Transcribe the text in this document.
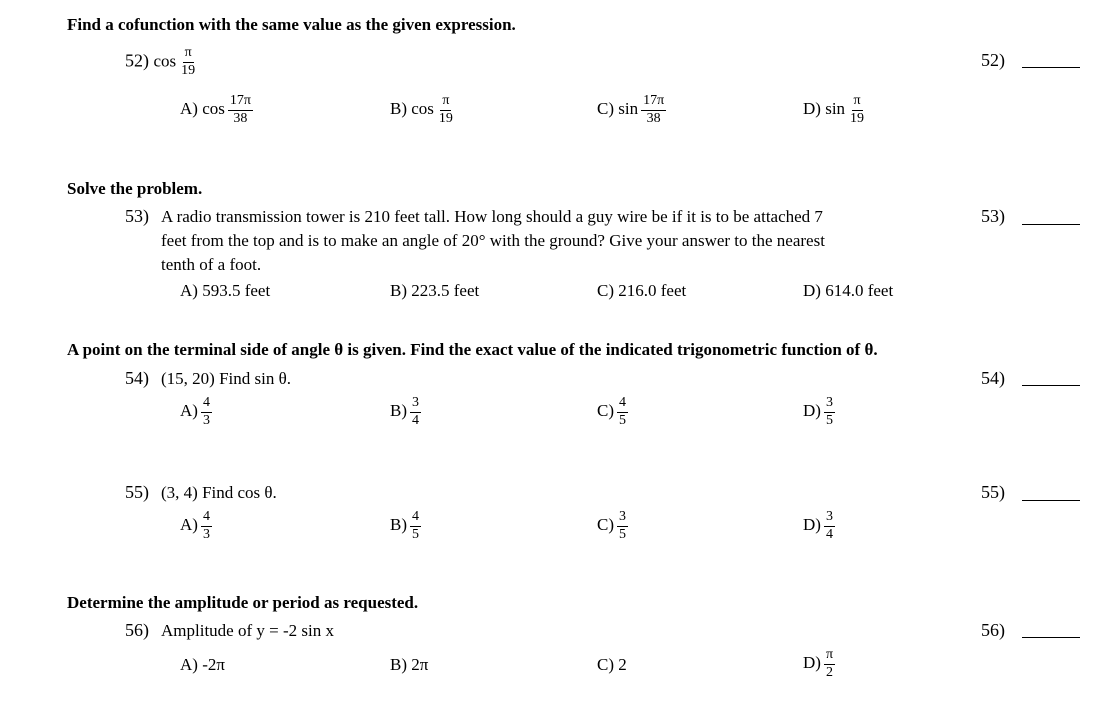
Find a cofunction with the same value as the given expression.
52) $\cos \frac{\pi}{19}$	52)
A) $\cos \frac{17\pi}{38}$	B) $\cos \frac{\pi}{19}$	C) $\sin \frac{17\pi}{38}$	D) $\sin \frac{\pi}{19}$
Solve the problem.
53) A radio transmission tower is 210 feet tall. How long should a guy wire be if it is to be attached 7
feet from the top and is to make an angle of 20° with the ground? Give your answer to the nearest
tenth of a foot.
53)
A) 593.5 feet	B) 223.5 feet	C) 216.0 feet	D) 614.0 feet
A point on the terminal side of angle θ is given. Find the exact value of the indicated trigonometric function of θ.
54) (15, 20) Find sin θ.	54)
$A) \frac{4}{3}$	$B) \frac{3}{4}$	$C) \frac{4}{5}$	$D) \frac{3}{5}$
55) (3, 4) Find cos θ.	55)
$A) \frac{4}{3}$	$B) \frac{4}{5}$	$C) \frac{3}{5}$	$D) \frac{3}{4}$
Determine the amplitude or period as requested.
56) Amplitude of y = -2 sin x	56)
A) -2π	B) 2π	C) 2	$D) \frac{\pi}{2}$
